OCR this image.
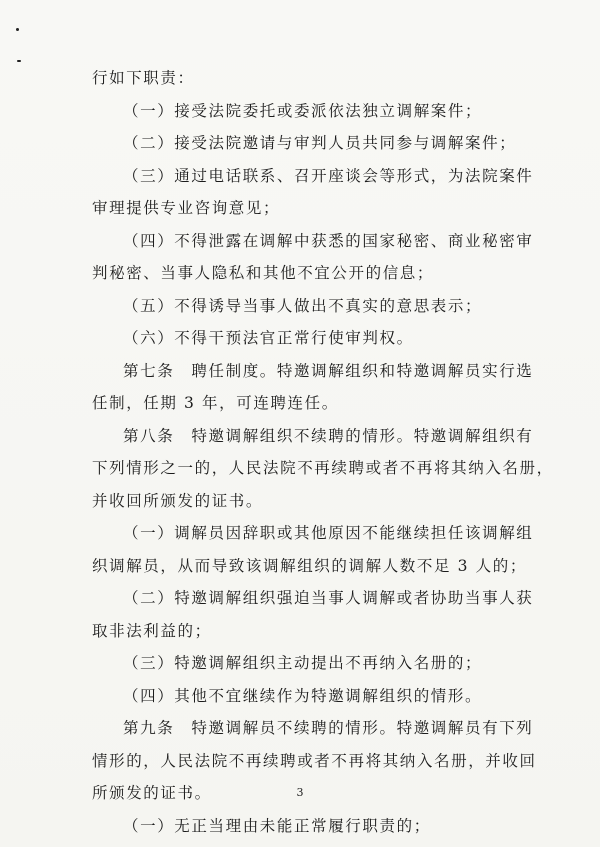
行如下职责：
（一）接受法院委托或委派依法独立调解案件；
（二）接受法院邀请与审判人员共同参与调解案件；
（三）通过电话联系、召开座谈会等形式，为法院案件
审理提供专业咨询意见；
（四）不得泄露在调解中获悉的国家秘密、商业秘密审
判秘密、当事人隐私和其他不宜公开的信息；
（五）不得诱导当事人做出不真实的意思表示；
（六）不得干预法官正常行使审判权。
第七条　聘任制度。特邀调解组织和特邀调解员实行选
任制，任期 3 年，可连聘连任。
第八条　特邀调解组织不续聘的情形。特邀调解组织有
下列情形之一的，人民法院不再续聘或者不再将其纳入名册，
并收回所颁发的证书。
（一）调解员因辞职或其他原因不能继续担任该调解组
织调解员，从而导致该调解组织的调解人数不足 3 人的；
（二）特邀调解组织强迫当事人调解或者协助当事人获
取非法利益的；
（三）特邀调解组织主动提出不再纳入名册的；
（四）其他不宜继续作为特邀调解组织的情形。
第九条　特邀调解员不续聘的情形。特邀调解员有下列
情形的，人民法院不再续聘或者不再将其纳入名册，并收回
所颁发的证书。
（一）无正当理由未能正常履行职责的；
3
